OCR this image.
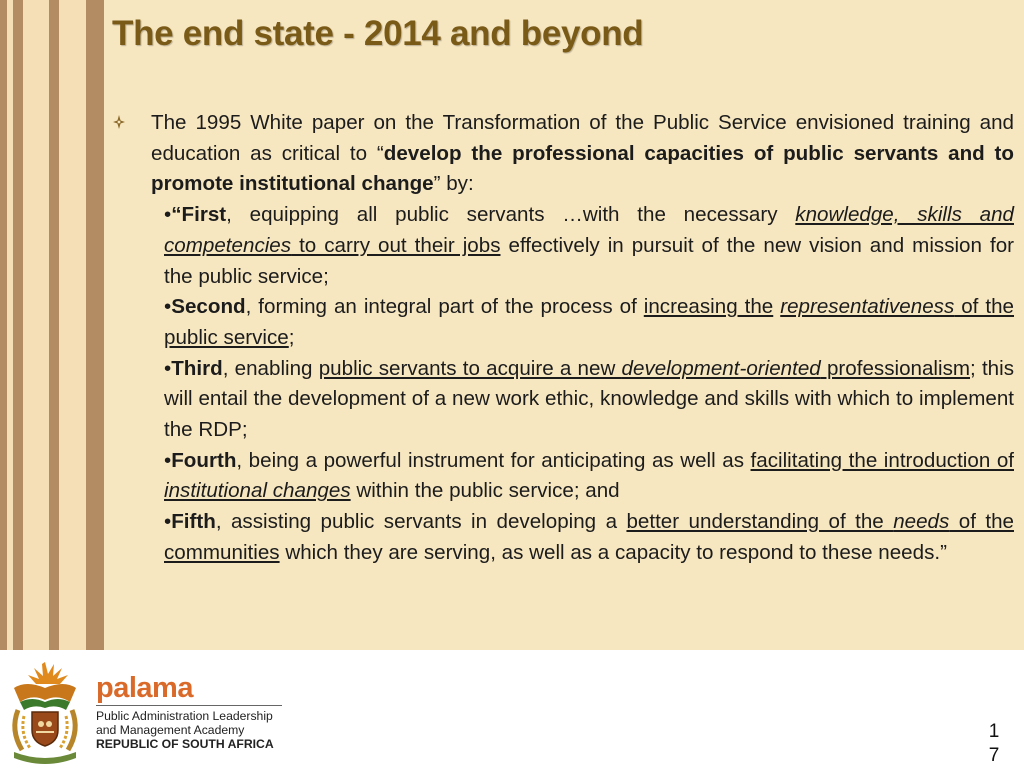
The end state - 2014 and beyond

The 1995 White paper on the Transformation of the Public Service envisioned training and education as critical to “develop the professional capacities of public servants and to promote institutional change” by:

•“First, equipping all public servants …with the necessary knowledge, skills and competencies to carry out their jobs effectively in pursuit of the new vision and mission for the public service;

•Second, forming an integral part of the process of increasing the representativeness of the public service;

•Third, enabling public servants to acquire a new development-oriented professionalism; this will entail the development of a new work ethic, knowledge and skills with which to implement the RDP;

•Fourth, being a powerful instrument for anticipating as well as facilitating the introduction of institutional changes within the public service; and

•Fifth, assisting public servants in developing a better understanding of the needs of the communities which they are serving, as well as a capacity to respond to these needs.”

palama
Public Administration Leadership
and Management Academy
REPUBLIC OF SOUTH AFRICA
17
